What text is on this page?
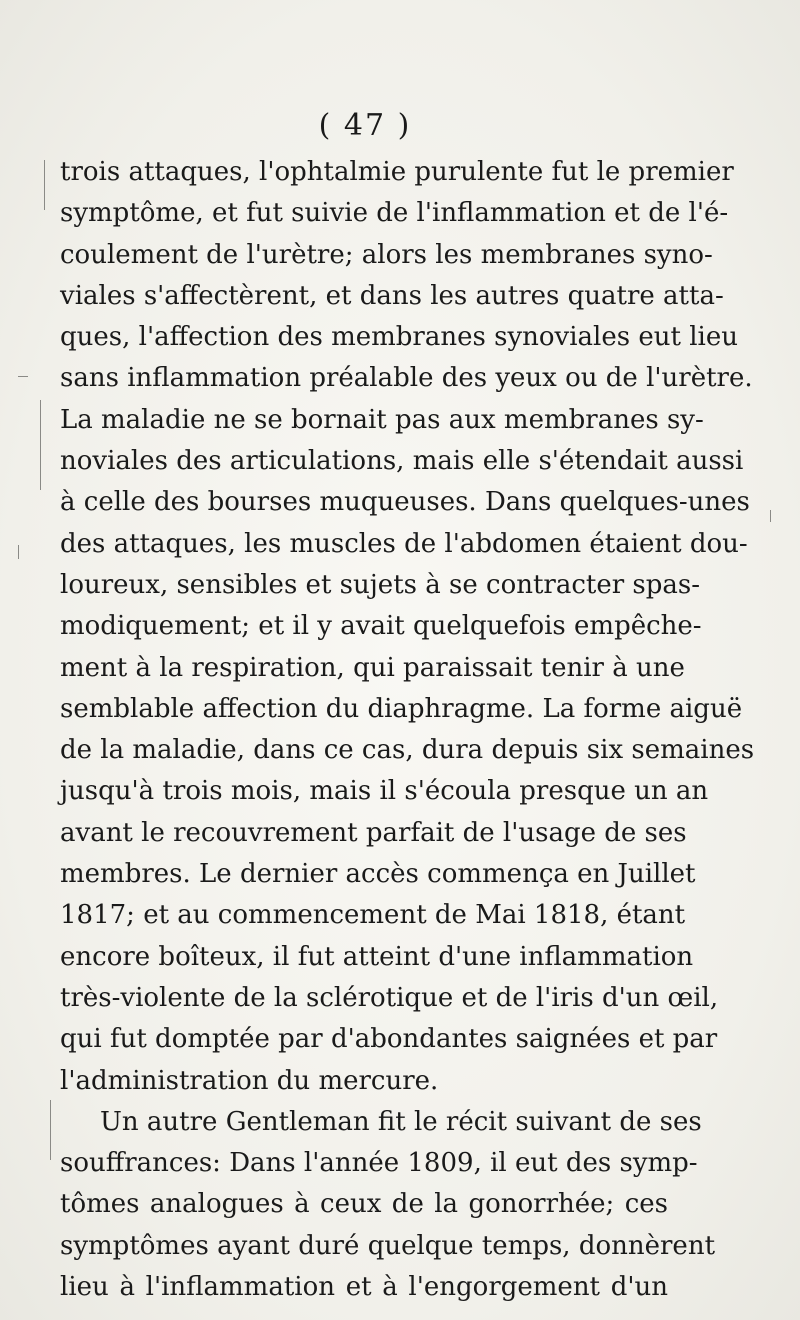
( 47 )
trois attaques, l'ophtalmie purulente fut le premier
symptôme, et fut suivie de l'inflammation et de l'é-
coulement de l'urètre; alors les membranes syno-
viales s'affectèrent, et dans les autres quatre atta-
ques, l'affection des membranes synoviales eut lieu
sans inflammation préalable des yeux ou de l'urètre.
La maladie ne se bornait pas aux membranes sy-
noviales des articulations, mais elle s'étendait aussi
à celle des bourses muqueuses. Dans quelques-unes
des attaques, les muscles de l'abdomen étaient dou-
loureux, sensibles et sujets à se contracter spas-
modiquement; et il y avait quelquefois empêche-
ment à la respiration, qui paraissait tenir à une
semblable affection du diaphragme. La forme aiguë
de la maladie, dans ce cas, dura depuis six semaines
jusqu'à trois mois, mais il s'écoula presque un an
avant le recouvrement parfait de l'usage de ses
membres. Le dernier accès commença en Juillet
1817; et au commencement de Mai 1818, étant
encore boîteux, il fut atteint d'une inflammation
très-violente de la sclérotique et de l'iris d'un œil,
qui fut domptée par d'abondantes saignées et par
l'administration du mercure.
Un autre Gentleman fit le récit suivant de ses
souffrances: Dans l'année 1809, il eut des symp-
tômes analogues à ceux de la gonorrhée; ces
symptômes ayant duré quelque temps, donnèrent
lieu à l'inflammation et à l'engorgement d'un
